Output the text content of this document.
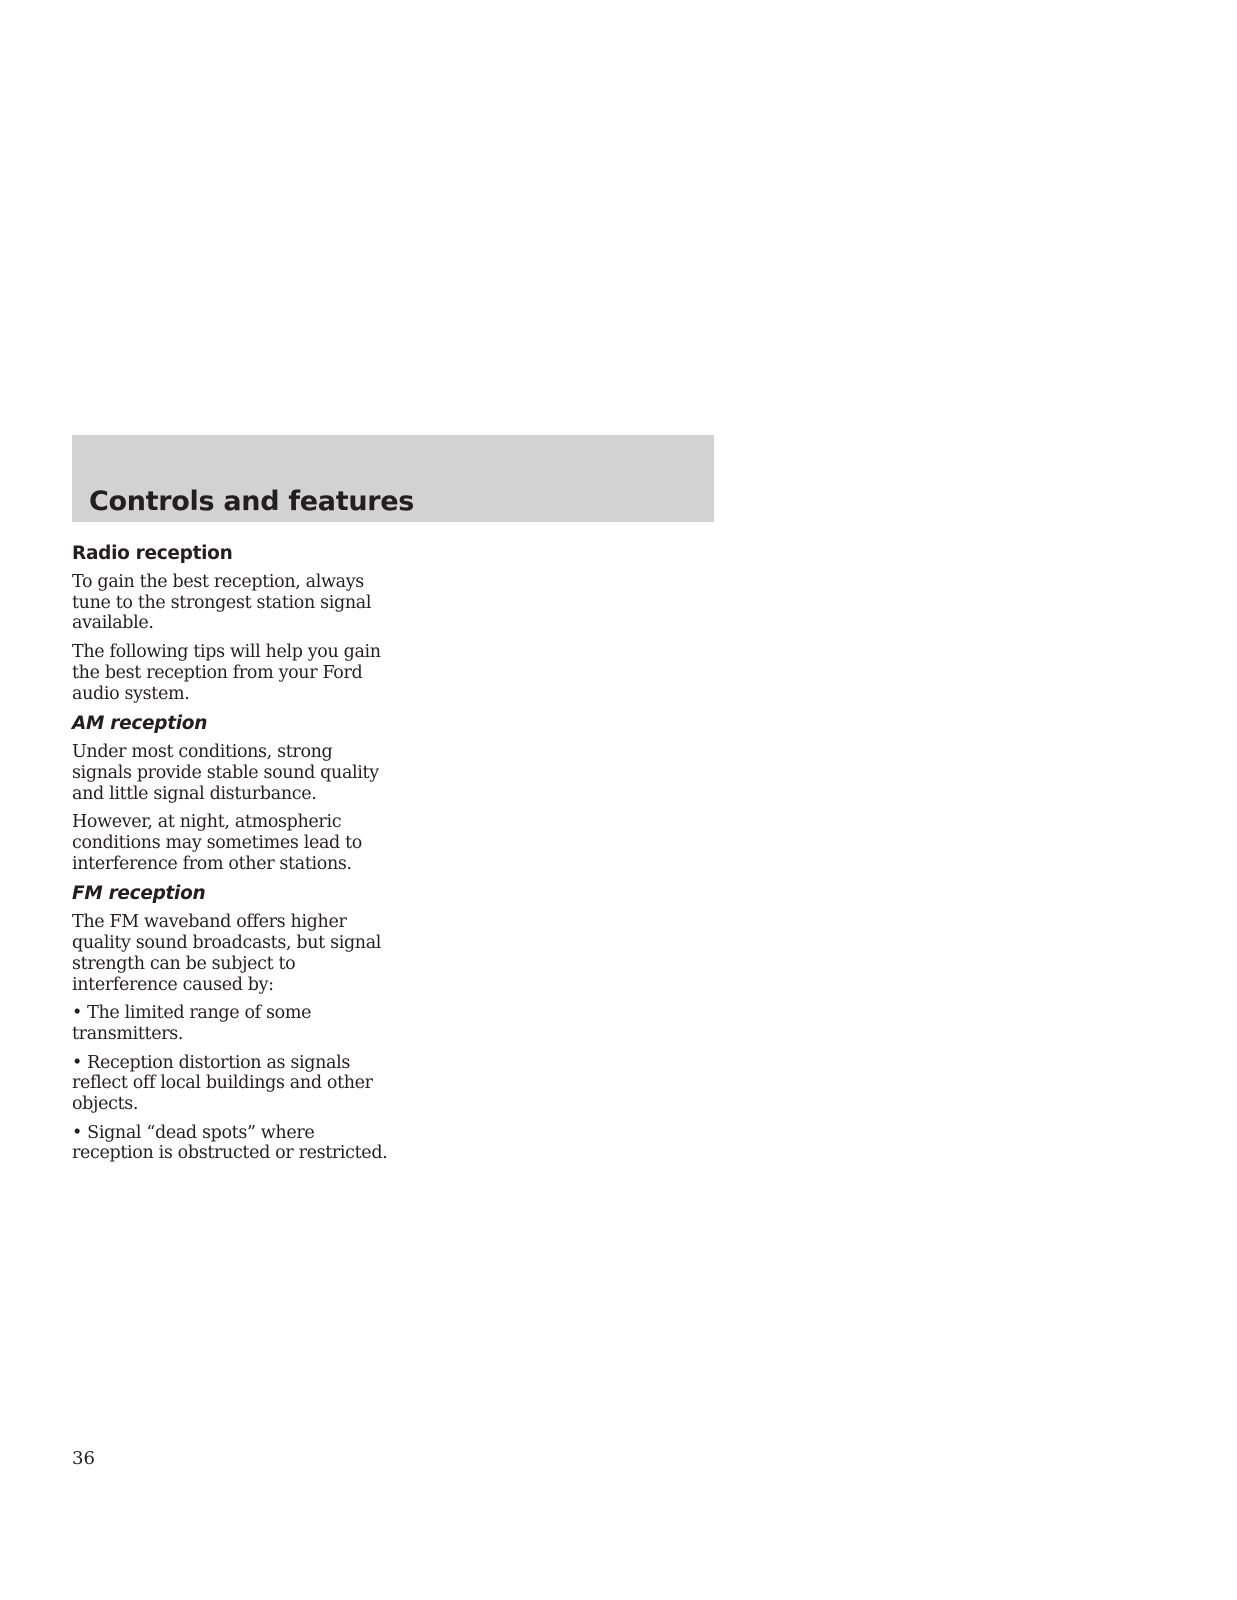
Controls and features
Radio reception

To gain the best reception, always tune to the strongest station signal available.

The following tips will help you gain the best reception from your Ford audio system.

AM reception

Under most conditions, strong signals provide stable sound quality and little signal disturbance.

However, at night, atmospheric conditions may sometimes lead to interference from other stations.

FM reception

The FM waveband offers higher quality sound broadcasts, but signal strength can be subject to interference caused by:

• The limited range of some transmitters.

• Reception distortion as signals reflect off local buildings and other objects.

• Signal “dead spots” where reception is obstructed or restricted.

36
